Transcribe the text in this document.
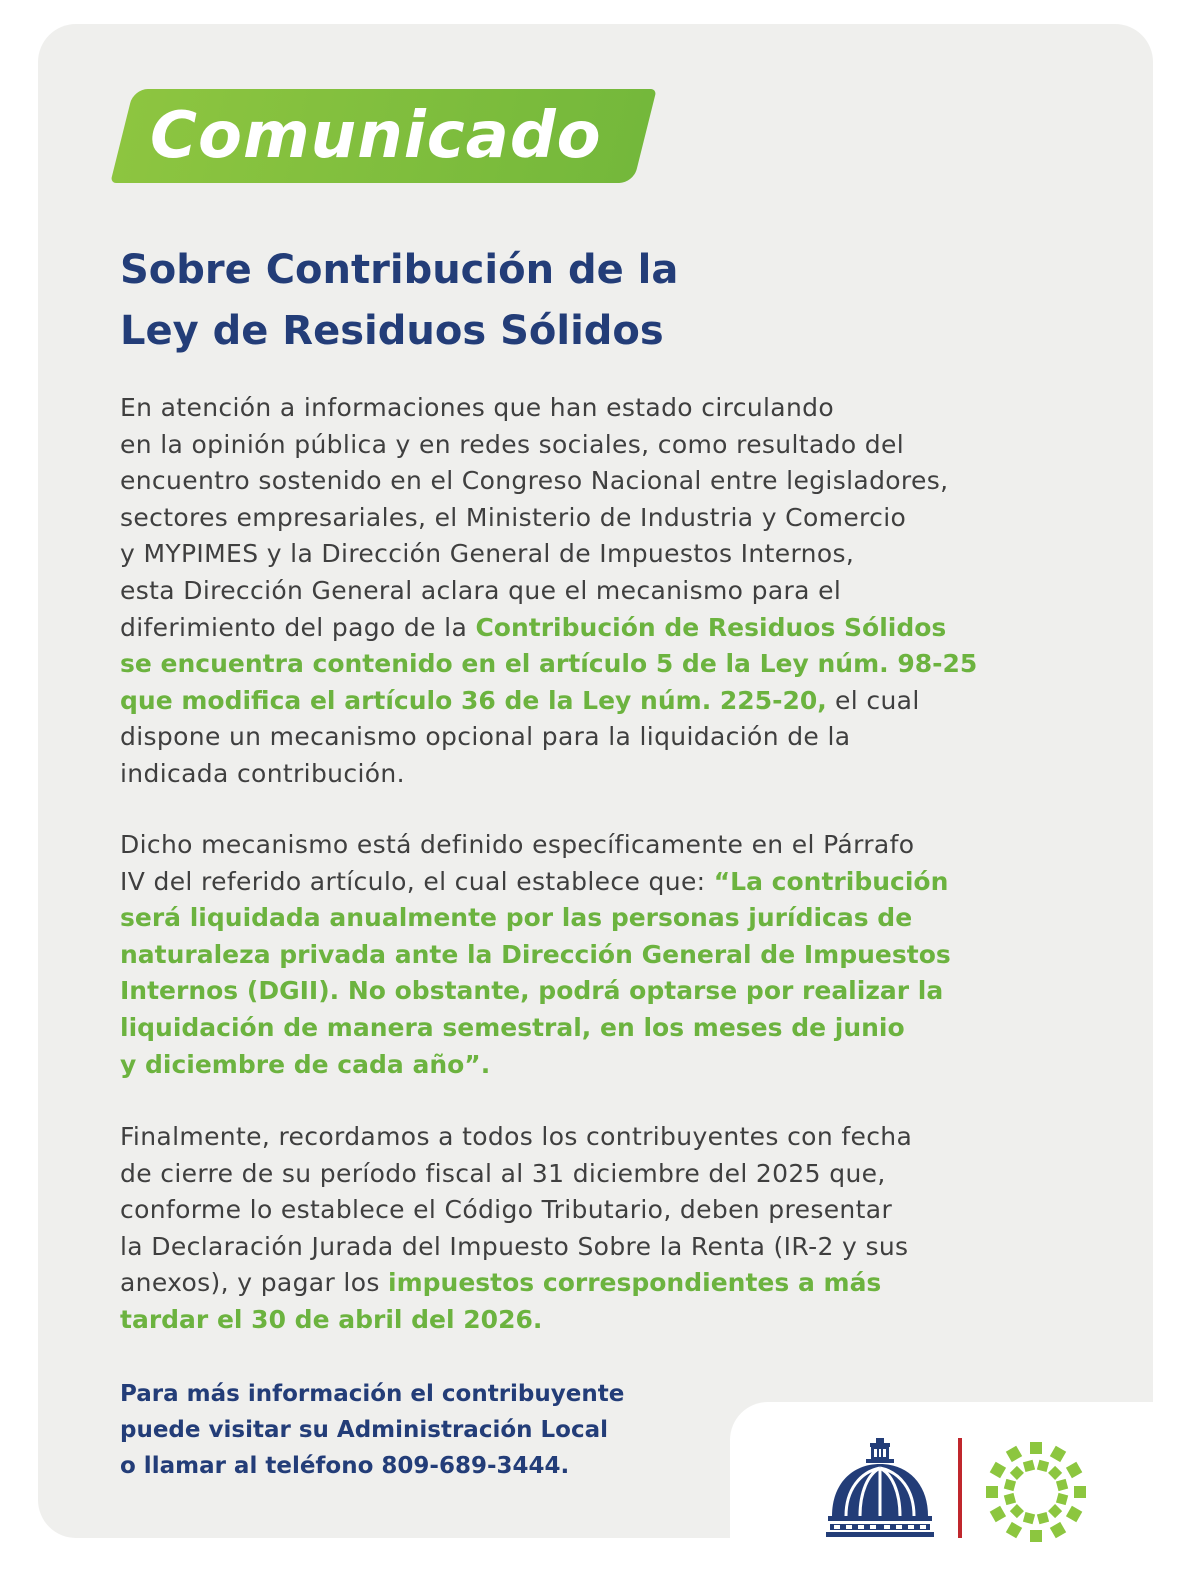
Comunicado
Sobre Contribución de la
Ley de Residuos Sólidos

En atención a informaciones que han estado circulando
en la opinión pública y en redes sociales, como resultado del
encuentro sostenido en el Congreso Nacional entre legisladores,
sectores empresariales, el Ministerio de Industria y Comercio
y MYPIMES y la Dirección General de Impuestos Internos,
esta Dirección General aclara que el mecanismo para el
diferimiento del pago de la Contribución de Residuos Sólidos
se encuentra contenido en el artículo 5 de la Ley núm. 98-25
que modifica el artículo 36 de la Ley núm. 225-20, el cual
dispone un mecanismo opcional para la liquidación de la
indicada contribución.

Dicho mecanismo está definido específicamente en el Párrafo
IV del referido artículo, el cual establece que: “La contribución
será liquidada anualmente por las personas jurídicas de
naturaleza privada ante la Dirección General de Impuestos
Internos (DGII). No obstante, podrá optarse por realizar la
liquidación de manera semestral, en los meses de junio
y diciembre de cada año”.

Finalmente, recordamos a todos los contribuyentes con fecha
de cierre de su período fiscal al 31 diciembre del 2025 que,
conforme lo establece el Código Tributario, deben presentar
la Declaración Jurada del Impuesto Sobre la Renta (IR-2 y sus
anexos), y pagar los impuestos correspondientes a más
tardar el 30 de abril del 2026.

Para más información el contribuyente
puede visitar su Administración Local
o llamar al teléfono 809-689-3444.
